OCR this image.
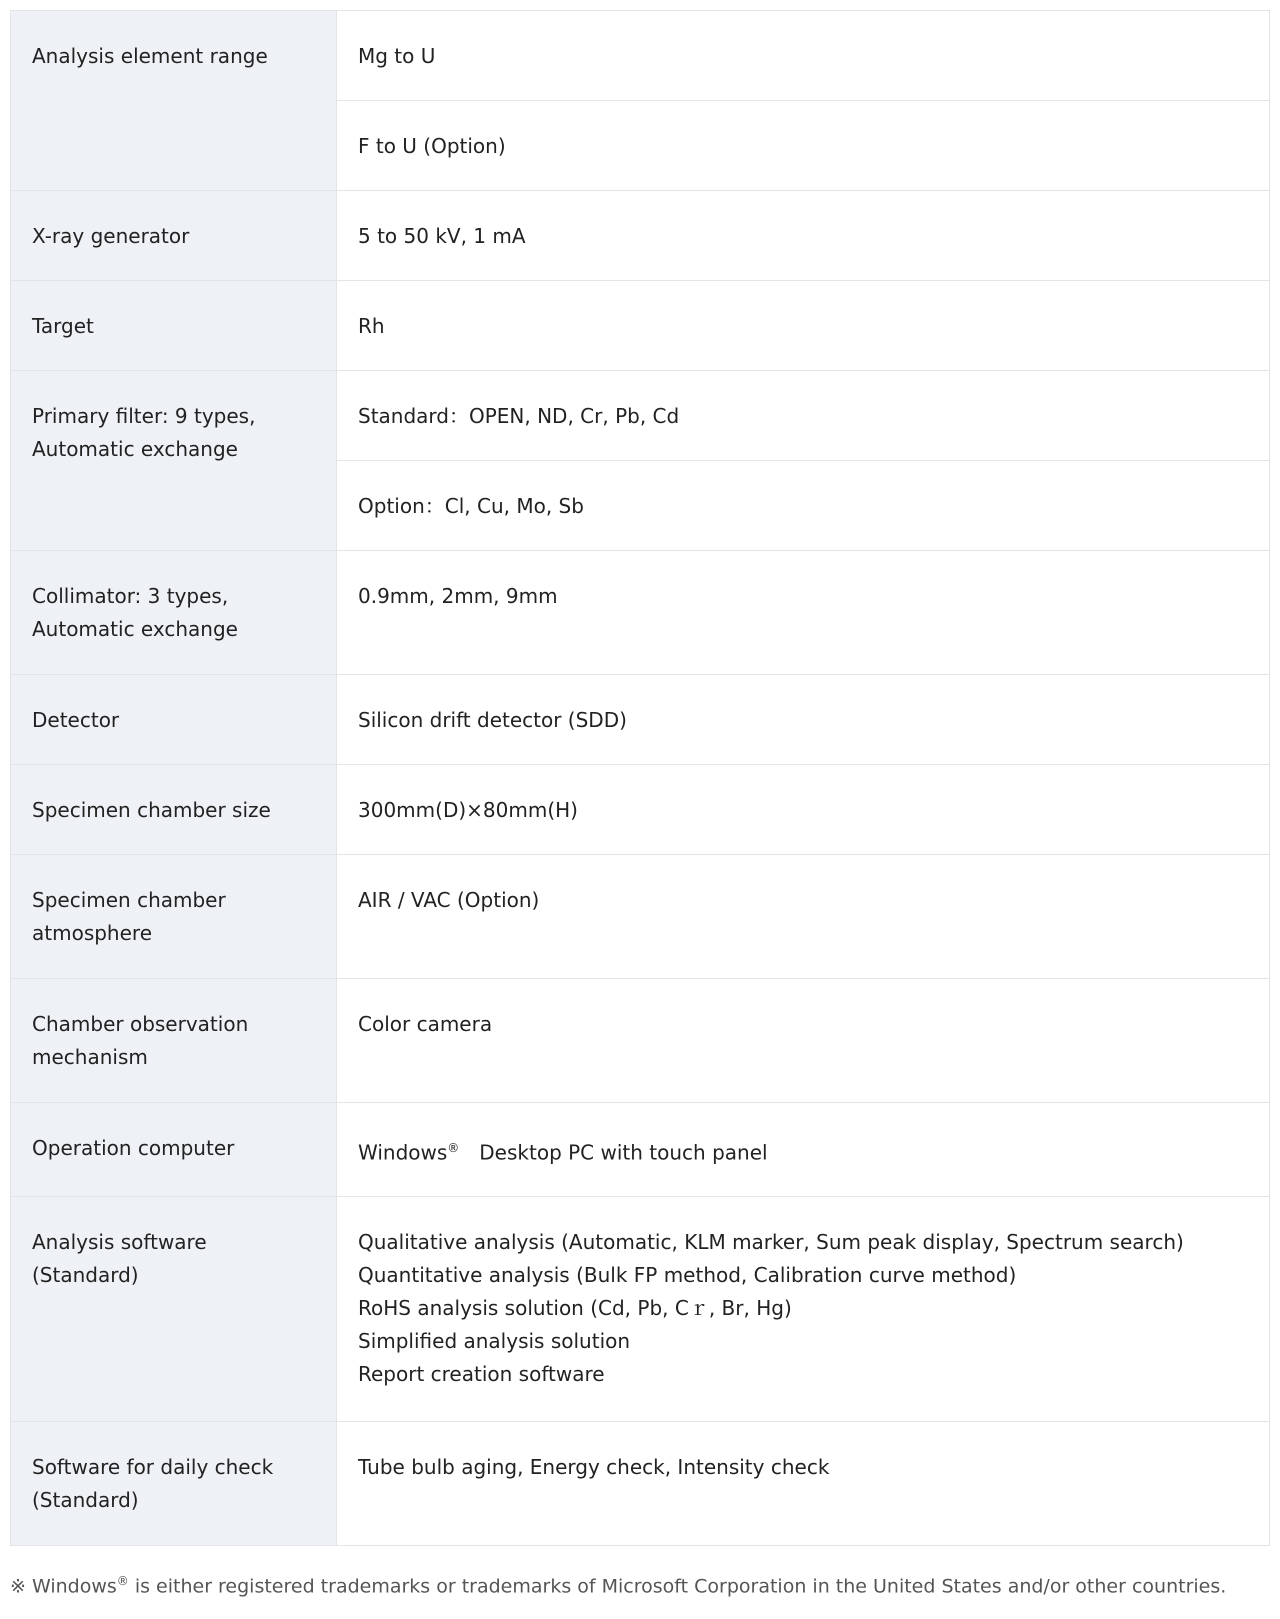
Analysis element range	Mg to U
	F to U (Option)
X-ray generator	5 to 50 kV, 1 mA
Target	Rh
Primary filter: 9 types, Automatic exchange	Standard：OPEN, ND, Cr, Pb, Cd
	Option：Cl, Cu, Mo, Sb
Collimator: 3 types, Automatic exchange	0.9mm, 2mm, 9mm
Detector	Silicon drift detector (SDD)
Specimen chamber size	300mm(D)×80mm(H)
Specimen chamber atmosphere	AIR / VAC (Option)
Chamber observation mechanism	Color camera
Operation computer	Windows®　Desktop PC with touch panel
Analysis software (Standard)	Qualitative analysis (Automatic, KLM marker, Sum peak display, Spectrum search)
Quantitative analysis (Bulk FP method, Calibration curve method)
RoHS analysis solution (Cd, Pb, Cｒ, Br, Hg)
Simplified analysis solution
Report creation software

Software for daily check (Standard)	Tube bulb aging, Energy check, Intensity check
※ Windows® is either registered trademarks or trademarks of Microsoft Corporation in the United States and/or other countries.
